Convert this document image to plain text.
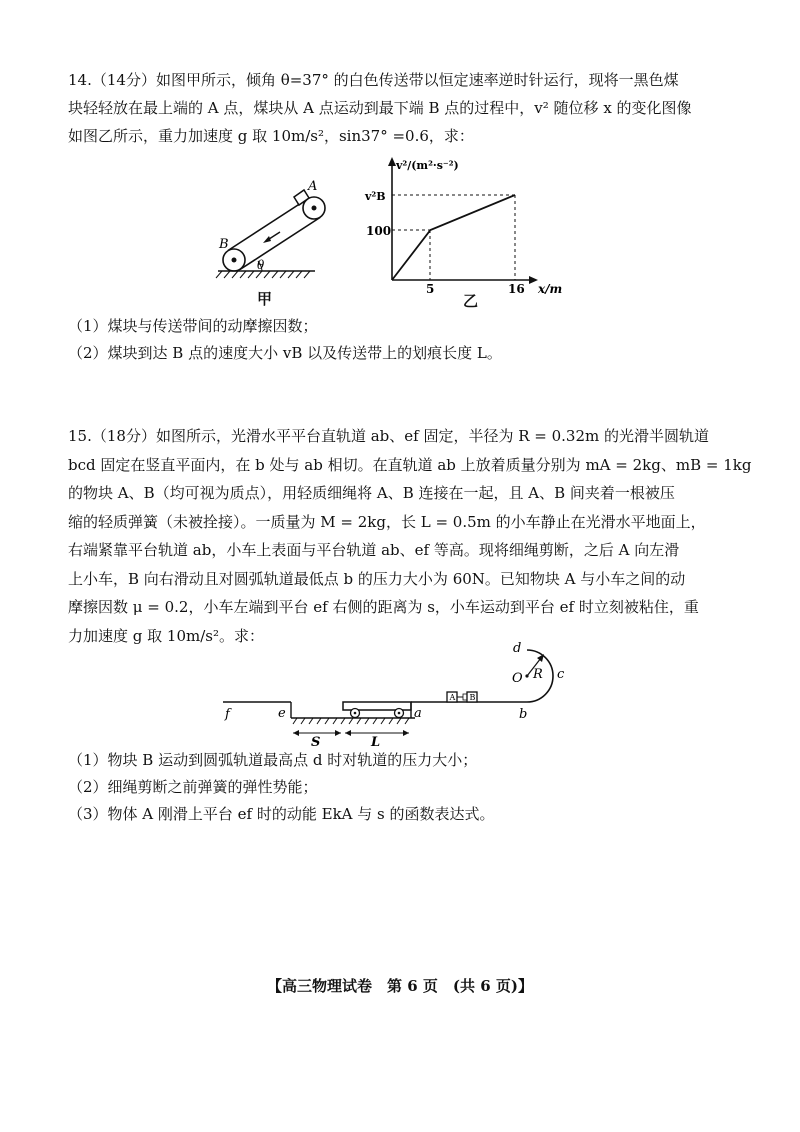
14.（14分）如图甲所示，倾角 θ=37° 的白色传送带以恒定速率逆时针运行，现将一黑色煤

块轻轻放在最上端的 A 点，煤块从 A 点运动到最下端 B 点的过程中，v² 随位移 x 的变化图像

如图乙所示，重力加速度 g 取 10m/s²，sin37° =0.6，求：

A
B
θ
甲
v²/(m²·s⁻²)
x/m
v²B
100
5	16
乙
（1）煤块与传送带间的动摩擦因数；
（2）煤块到达 B 点的速度大小 vB 以及传送带上的划痕长度 L。

15.（18分）如图所示，光滑水平平台直轨道 ab、ef 固定，半径为 R = 0.32m 的光滑半圆轨道

bcd 固定在竖直平面内，在 b 处与 ab 相切。在直轨道 ab 上放着质量分别为 mA = 2kg、mB = 1kg

的物块 A、B（均可视为质点），用轻质细绳将 A、B 连接在一起，且 A、B 间夹着一根被压

缩的轻质弹簧（未被拴接）。一质量为 M = 2kg，长 L = 0.5m 的小车静止在光滑水平地面上，

右端紧靠平台轨道 ab，小车上表面与平台轨道 ab、ef 等高。现将细绳剪断，之后 A 向左滑

上小车，B 向右滑动且对圆弧轨道最低点 b 的压力大小为 60N。已知物块 A 与小车之间的动

摩擦因数 μ = 0.2，小车左端到平台 ef 右侧的距离为 s，小车运动到平台 ef 时立刻被粘住，重

力加速度 g 取 10m/s²。求：

A B
f	e	a	b
c
d
O R
S	L
（1）物块 B 运动到圆弧轨道最高点 d 时对轨道的压力大小；
（2）细绳剪断之前弹簧的弹性势能；
（3）物体 A 刚滑上平台 ef 时的动能 EkA 与 s 的函数表达式。
【高三物理试卷　第 6 页　(共 6 页)】
